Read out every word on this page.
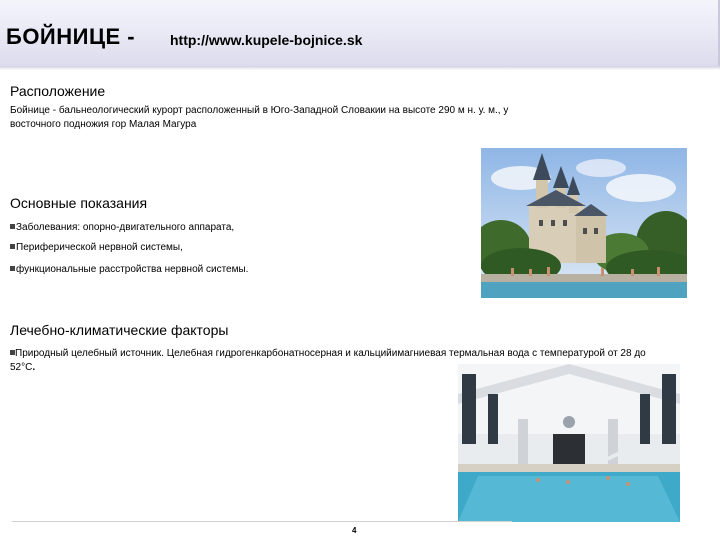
БОЙНИЦЕ - http://www.kupele-bojnice.sk
Расположение

Бойнице - бальнеологический курорт расположенный в Юго-Западной Словакии на высоте 290 м н. у. м., у восточного подножия гор Малая Магура

Основные показания
Заболевания: опорно-двигательного аппарата,
Периферической нервной системы,
функциональные расстройства нервной системы.
Лечебно-климатические факторы

Природный целебный источник. Целебная гидрогенкарбонатносерная и кальцийимагниевая термальная вода с температурой от 28 до 52°С.

4
